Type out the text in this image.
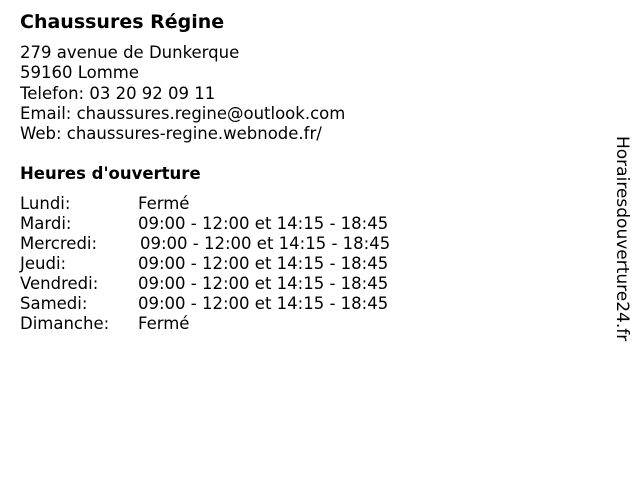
Chaussures Régine
279 avenue de Dunkerque
59160 Lomme
Telefon: 03 20 92 09 11
Email: chaussures.regine@outlook.com
Web: chaussures-regine.webnode.fr/
Heures d'ouverture
Lundi:	Fermé
Mardi:	09:00 - 12:00 et 14:15 - 18:45
Mercredi:	09:00 - 12:00 et 14:15 - 18:45
Jeudi:	09:00 - 12:00 et 14:15 - 18:45
Vendredi: 09:00 - 12:00 et 14:15 - 18:45
Samedi:	09:00 - 12:00 et 14:15 - 18:45
Dimanche: Fermé	Horairesdouverture24.fr
